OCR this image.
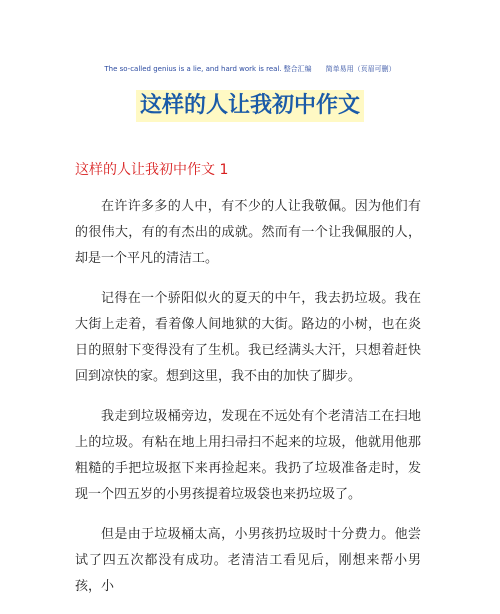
The so-called genius is a lie, and hard work is real. 整合汇编　　简单易用（页眉可删）
这样的人让我初中作文
这样的人让我初中作文 1

在许许多多的人中，有不少的人让我敬佩。因为他们有的很伟大，有的有杰出的成就。然而有一个让我佩服的人，却是一个平凡的清洁工。

记得在一个骄阳似火的夏天的中午，我去扔垃圾。我在大街上走着，看着像人间地狱的大街。路边的小树，也在炎日的照射下变得没有了生机。我已经满头大汗，只想着赶快回到凉快的家。想到这里，我不由的加快了脚步。

我走到垃圾桶旁边，发现在不远处有个老清洁工在扫地上的垃圾。有粘在地上用扫帚扫不起来的垃圾，他就用他那粗糙的手把垃圾抠下来再捡起来。我扔了垃圾准备走时，发现一个四五岁的小男孩提着垃圾袋也来扔垃圾了。

但是由于垃圾桶太高，小男孩扔垃圾时十分费力。他尝试了四五次都没有成功。老清洁工看见后，刚想来帮小男孩，小
